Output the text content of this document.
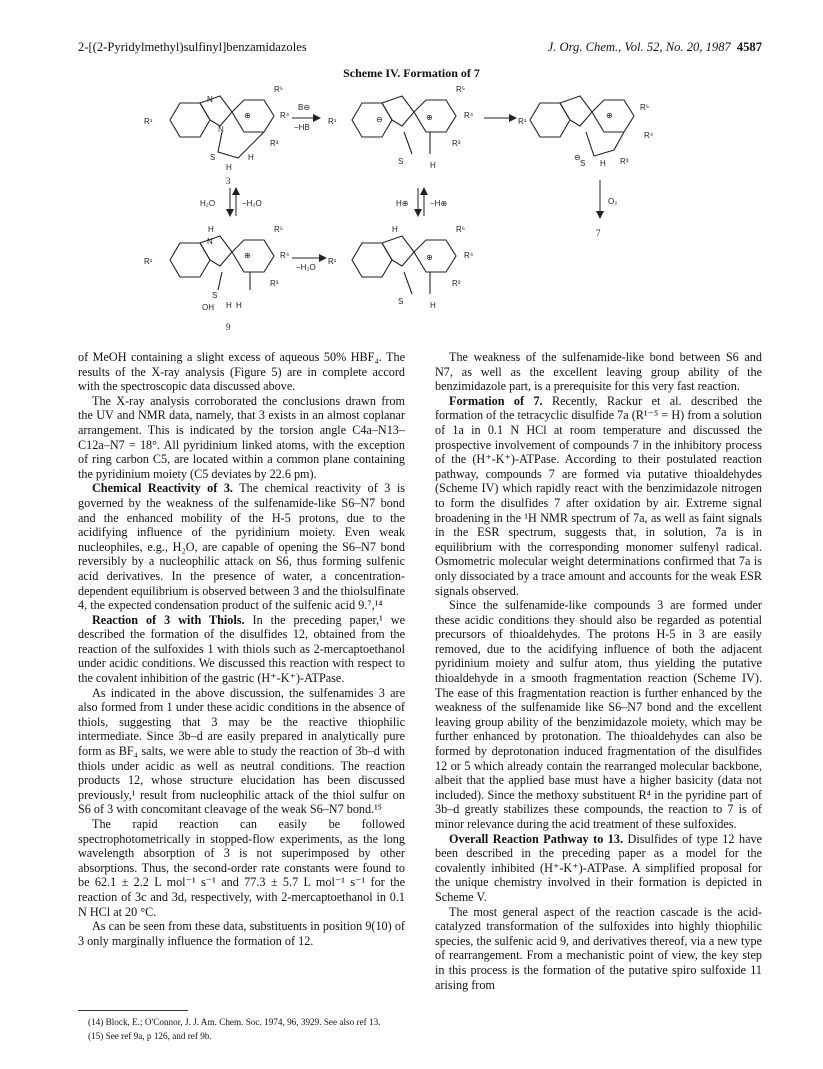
2-[(2-Pyridylmethyl)sulfinyl]benzamidazoles	J. Org. Chem., Vol. 52, No. 20, 1987 4587
Scheme IV. Formation of 7
R¹
N
N
⊕
R⁵
R⁴
R³
S
H
H
3
B⊖
−HB
R¹	⊖	⊕
R⁵
R⁴
R³
S	H
R¹
⊕
R⁵
R⁴
R³
S
⊖
H
O₂
7
H₂O	−H₂O	H⊕	−H⊕
R¹
H
N
⊕
R⁵
R⁴
R³
S
OH H H
9
−H₂O
R¹
H
⊕
R⁵
R⁴
R³
S	H

of MeOH containing a slight excess of aqueous 50% HBF₄. The results of the X-ray analysis (Figure 5) are in complete accord with the spectroscopic data discussed above.

The X-ray analysis corroborated the conclusions drawn from the UV and NMR data, namely, that 3 exists in an almost coplanar arrangement. This is indicated by the torsion angle C4a–N13–C12a–N7 = 18°. All pyridinium linked atoms, with the exception of ring carbon C5, are located within a common plane containing the pyridinium moiety (C5 deviates by 22.6 pm).

Chemical Reactivity of 3. The chemical reactivity of 3 is governed by the weakness of the sulfenamide-like S6–N7 bond and the enhanced mobility of the H-5 protons, due to the acidifying influence of the pyridinium moiety. Even weak nucleophiles, e.g., H₂O, are capable of opening the S6–N7 bond reversibly by a nucleophilic attack on S6, thus forming sulfenic acid derivatives. In the presence of water, a concentration-dependent equilibrium is observed between 3 and the thiolsulfinate 4, the expected condensation product of the sulfenic acid 9.⁷,¹⁴

Reaction of 3 with Thiols. In the preceding paper,¹ we described the formation of the disulfides 12, obtained from the reaction of the sulfoxides 1 with thiols such as 2-mercaptoethanol under acidic conditions. We discussed this reaction with respect to the covalent inhibition of the gastric (H⁺-K⁺)-ATPase.

As indicated in the above discussion, the sulfenamides 3 are also formed from 1 under these acidic conditions in the absence of thiols, suggesting that 3 may be the reactive thiophilic intermediate. Since 3b–d are easily prepared in analytically pure form as BF₄ salts, we were able to study the reaction of 3b–d with thiols under acidic as well as neutral conditions. The reaction products 12, whose structure elucidation has been discussed previously,¹ result from nucleophilic attack of the thiol sulfur on S6 of 3 with concomitant cleavage of the weak S6–N7 bond.¹⁵

The rapid reaction can easily be followed spectrophotometrically in stopped-flow experiments, as the long wavelength absorption of 3 is not superimposed by other absorptions. Thus, the second-order rate constants were found to be 62.1 ± 2.2 L mol⁻¹ s⁻¹ and 77.3 ± 5.7 L mol⁻¹ s⁻¹ for the reaction of 3c and 3d, respectively, with 2-mercaptoethanol in 0.1 N HCl at 20 °C.

As can be seen from these data, substituents in position 9(10) of 3 only marginally influence the formation of 12.

The weakness of the sulfenamide-like bond between S6 and N7, as well as the excellent leaving group ability of the benzimidazole part, is a prerequisite for this very fast reaction.

Formation of 7. Recently, Rackur et al. described the formation of the tetracyclic disulfide 7a (R¹⁻⁵ = H) from a solution of 1a in 0.1 N HCl at room temperature and discussed the prospective involvement of compounds 7 in the inhibitory process of the (H⁺-K⁺)-ATPase. According to their postulated reaction pathway, compounds 7 are formed via putative thioaldehydes (Scheme IV) which rapidly react with the benzimidazole nitrogen to form the disulfides 7 after oxidation by air. Extreme signal broadening in the ¹H NMR spectrum of 7a, as well as faint signals in the ESR spectrum, suggests that, in solution, 7a is in equilibrium with the corresponding monomer sulfenyl radical. Osmometric molecular weight determinations confirmed that 7a is only dissociated by a trace amount and accounts for the weak ESR signals observed.

Since the sulfenamide-like compounds 3 are formed under these acidic conditions they should also be regarded as potential precursors of thioaldehydes. The protons H-5 in 3 are easily removed, due to the acidifying influence of both the adjacent pyridinium moiety and sulfur atom, thus yielding the putative thioaldehyde in a smooth fragmentation reaction (Scheme IV). The ease of this fragmentation reaction is further enhanced by the weakness of the sulfenamide like S6–N7 bond and the excellent leaving group ability of the benzimidazole moiety, which may be further enhanced by protonation. The thioaldehydes can also be formed by deprotonation induced fragmentation of the disulfides 12 or 5 which already contain the rearranged molecular backbone, albeit that the applied base must have a higher basicity (data not included). Since the methoxy substituent R⁴ in the pyridine part of 3b–d greatly stabilizes these compounds, the reaction to 7 is of minor relevance during the acid treatment of these sulfoxides.

Overall Reaction Pathway to 13. Disulfides of type 12 have been described in the preceding paper as a model for the covalently inhibited (H⁺-K⁺)-ATPase. A simplified proposal for the unique chemistry involved in their formation is depicted in Scheme V.

The most general aspect of the reaction cascade is the acid-catalyzed transformation of the sulfoxides into highly thiophilic species, the sulfenic acid 9, and derivatives thereof, via a new type of rearrangement. From a mechanistic point of view, the key step in this process is the formation of the putative spiro sulfoxide 11 arising from

(14) Block, E.; O'Connor, J. J. Am. Chem. Soc. 1974, 96, 3929. See also ref 13.

(15) See ref 9a, p 126, and ref 9b.
